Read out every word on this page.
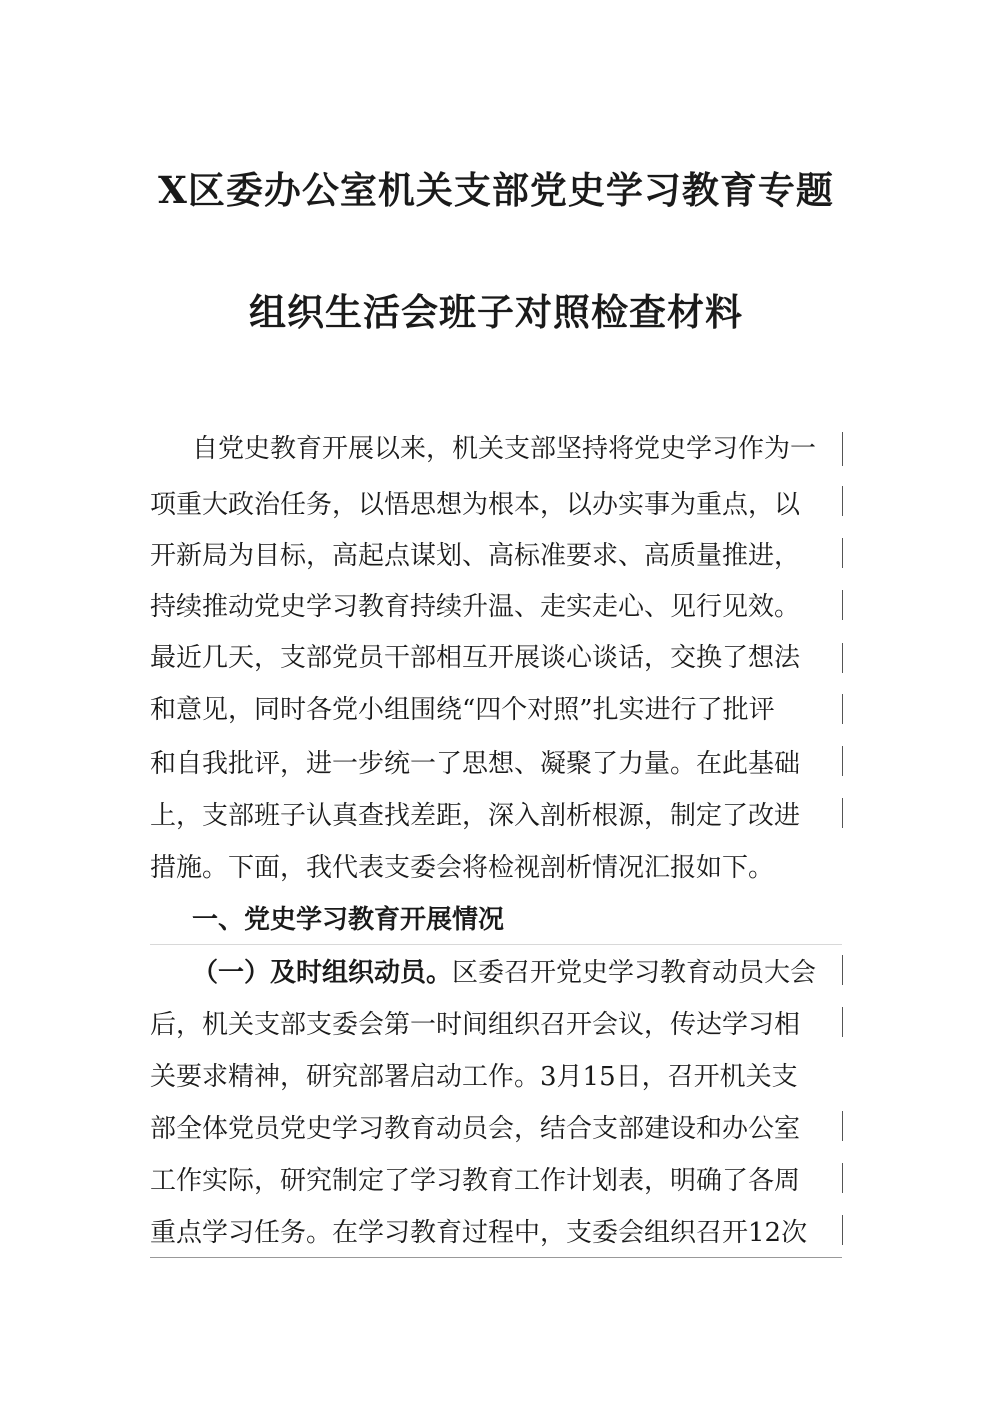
X区委办公室机关支部党史学习教育专题
组织生活会班子对照检查材料
自党史教育开展以来，机关支部坚持将党史学习作为一
项重大政治任务，以悟思想为根本，以办实事为重点，以
开新局为目标，高起点谋划、高标准要求、高质量推进，
持续推动党史学习教育持续升温、走实走心、见行见效。
最近几天，支部党员干部相互开展谈心谈话，交换了想法
和意见，同时各党小组围绕“四个对照”扎实进行了批评
和自我批评，进一步统一了思想、凝聚了力量。在此基础
上，支部班子认真查找差距，深入剖析根源，制定了改进
措施。下面，我代表支委会将检视剖析情况汇报如下。
一、党史学习教育开展情况
（一）及时组织动员。区委召开党史学习教育动员大会
后，机关支部支委会第一时间组织召开会议，传达学习相
关要求精神，研究部署启动工作。3月15日，召开机关支
部全体党员党史学习教育动员会，结合支部建设和办公室
工作实际，研究制定了学习教育工作计划表，明确了各周
重点学习任务。在学习教育过程中，支委会组织召开12次
